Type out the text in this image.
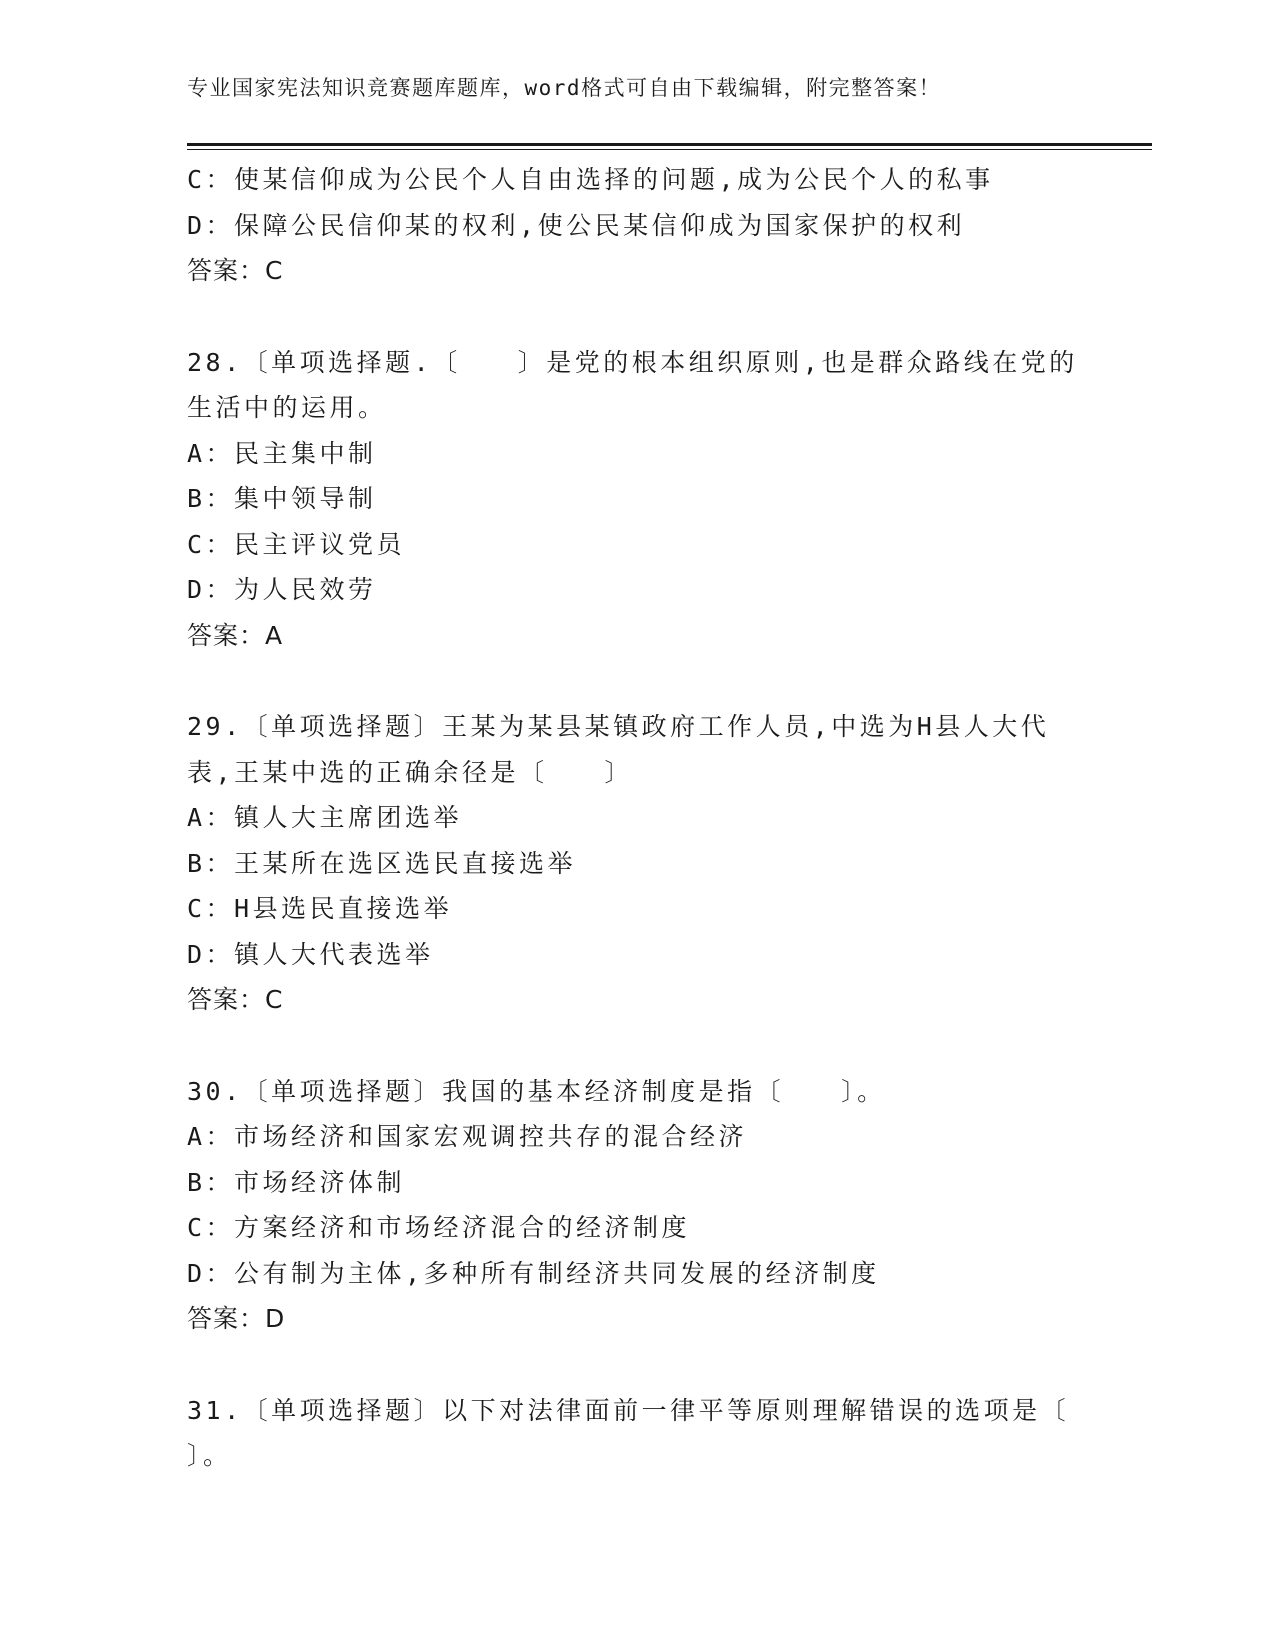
专业国家宪法知识竞赛题库题库，word格式可自由下载编辑，附完整答案！
C：使某信仰成为公民个人自由选择的问题,成为公民个人的私事
D：保障公民信仰某的权利,使公民某信仰成为国家保护的权利
答案：C
28.〔单项选择题.〔　　〕是党的根本组织原则,也是群众路线在党的
生活中的运用。
A：民主集中制
B：集中领导制
C：民主评议党员
D：为人民效劳
答案：A
29.〔单项选择题〕王某为某县某镇政府工作人员,中选为H县人大代
表,王某中选的正确余径是〔　　〕
A：镇人大主席团选举
B：王某所在选区选民直接选举
C：H县选民直接选举
D：镇人大代表选举
答案：C
30.〔单项选择题〕我国的基本经济制度是指〔　　〕。
A：市场经济和国家宏观调控共存的混合经济
B：市场经济体制
C：方案经济和市场经济混合的经济制度
D：公有制为主体,多种所有制经济共同发展的经济制度
答案：D
31.〔单项选择题〕以下对法律面前一律平等原则理解错误的选项是〔
〕。
